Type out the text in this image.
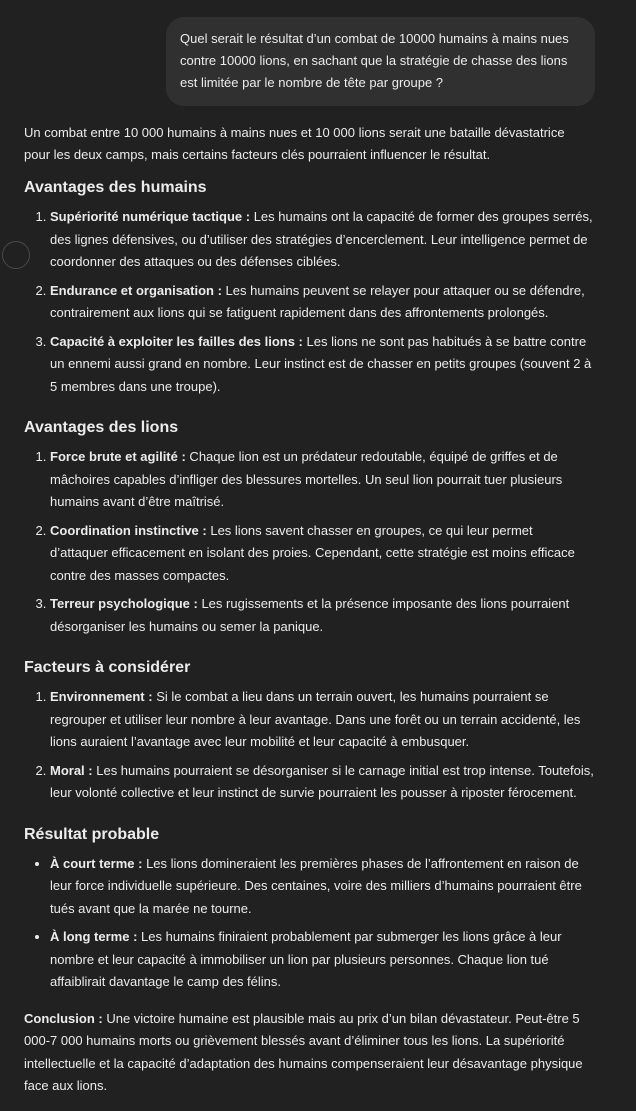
Quel serait le résultat d’un combat de 10000 humains à mains nues contre 10000 lions, en sachant que la stratégie de chasse des lions est limitée par le nombre de tête par groupe ?

Un combat entre 10 000 humains à mains nues et 10 000 lions serait une bataille dévastatrice pour les deux camps, mais certains facteurs clés pourraient influencer le résultat.

Avantages des humains
1. Supériorité numérique tactique : Les humains ont la capacité de former des groupes serrés, des lignes défensives, ou d’utiliser des stratégies d’encerclement. Leur intelligence permet de coordonner des attaques ou des défenses ciblées.
2. Endurance et organisation : Les humains peuvent se relayer pour attaquer ou se défendre, contrairement aux lions qui se fatiguent rapidement dans des affrontements prolongés.
3. Capacité à exploiter les failles des lions : Les lions ne sont pas habitués à se battre contre un ennemi aussi grand en nombre. Leur instinct est de chasser en petits groupes (souvent 2 à 5 membres dans une troupe).
Avantages des lions
1. Force brute et agilité : Chaque lion est un prédateur redoutable, équipé de griffes et de mâchoires capables d’infliger des blessures mortelles. Un seul lion pourrait tuer plusieurs humains avant d’être maîtrisé.
2. Coordination instinctive : Les lions savent chasser en groupes, ce qui leur permet d’attaquer efficacement en isolant des proies. Cependant, cette stratégie est moins efficace contre des masses compactes.
3. Terreur psychologique : Les rugissements et la présence imposante des lions pourraient désorganiser les humains ou semer la panique.
Facteurs à considérer
1. Environnement : Si le combat a lieu dans un terrain ouvert, les humains pourraient se regrouper et utiliser leur nombre à leur avantage. Dans une forêt ou un terrain accidenté, les lions auraient l’avantage avec leur mobilité et leur capacité à embusquer.
2. Moral : Les humains pourraient se désorganiser si le carnage initial est trop intense. Toutefois, leur volonté collective et leur instinct de survie pourraient les pousser à riposter férocement.
Résultat probable
• À court terme : Les lions domineraient les premières phases de l’affrontement en raison de leur force individuelle supérieure. Des centaines, voire des milliers d’humains pourraient être tués avant que la marée ne tourne.
• À long terme : Les humains finiraient probablement par submerger les lions grâce à leur nombre et leur capacité à immobiliser un lion par plusieurs personnes. Chaque lion tué affaiblirait davantage le camp des félins.

Conclusion : Une victoire humaine est plausible mais au prix d’un bilan dévastateur. Peut-être 5 000-7 000 humains morts ou grièvement blessés avant d’éliminer tous les lions. La supériorité intellectuelle et la capacité d’adaptation des humains compenseraient leur désavantage physique face aux lions.
